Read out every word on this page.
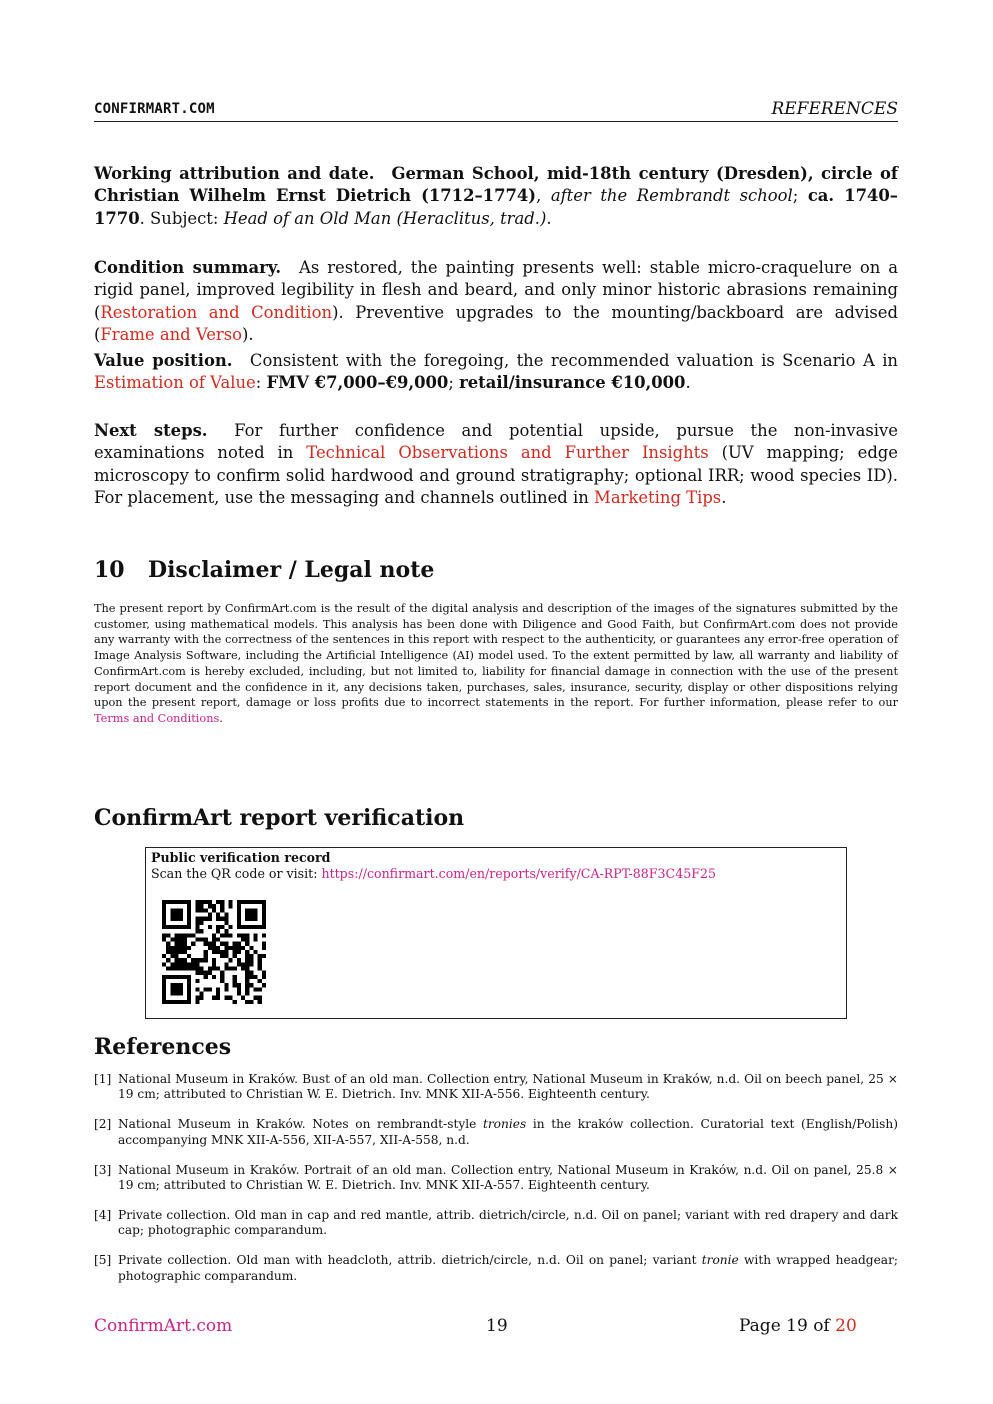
CONFIRMART.COM	REFERENCES
Working attribution and date. German School, mid-18th century (Dresden), circle of Christian Wilhelm Ernst Dietrich (1712–1774), after the Rembrandt school; ca. 1740–1770. Subject: Head of an Old Man (Heraclitus, trad.).
Condition summary. As restored, the painting presents well: stable micro-craquelure on a rigid panel, improved legibility in flesh and beard, and only minor historic abrasions remaining (Restoration and Condition). Preventive upgrades to the mounting/backboard are advised (Frame and Verso).
Value position. Consistent with the foregoing, the recommended valuation is Scenario A in Estimation of Value: FMV €7,000–€9,000; retail/insurance €10,000.
Next steps. For further confidence and potential upside, pursue the non-invasive examinations noted in Technical Observations and Further Insights (UV mapping; edge microscopy to confirm solid hardwood and ground stratigraphy; optional IRR; wood species ID). For placement, use the messaging and channels outlined in Marketing Tips.
10 Disclaimer / Legal note
The present report by ConfirmArt.com is the result of the digital analysis and description of the images of the signatures submitted by the customer, using mathematical models. This analysis has been done with Diligence and Good Faith, but ConfirmArt.com does not provide any warranty with the correctness of the sentences in this report with respect to the authenticity, or guarantees any error-free operation of Image Analysis Software, including the Artificial Intelligence (AI) model used. To the extent permitted by law, all warranty and liability of ConfirmArt.com is hereby excluded, including, but not limited to, liability for financial damage in connection with the use of the present report document and the confidence in it, any decisions taken, purchases, sales, insurance, security, display or other dispositions relying upon the present report, damage or loss profits due to incorrect statements in the report. For further information, please refer to our Terms and Conditions.
ConfirmArt report verification
Public verification record
Scan the QR code or visit: https://confirmart.com/en/reports/verify/CA-RPT-88F3C45F25
References
[1] National Museum in Kraków. Bust of an old man. Collection entry, National Museum in Kraków, n.d. Oil on beech panel, 25 × 19 cm; attributed to Christian W. E. Dietrich. Inv. MNK XII-A-556. Eighteenth century.
[2] National Museum in Kraków. Notes on rembrandt-style tronies in the kraków collection. Curatorial text (English/Polish) accompanying MNK XII-A-556, XII-A-557, XII-A-558, n.d.
[3] National Museum in Kraków. Portrait of an old man. Collection entry, National Museum in Kraków, n.d. Oil on panel, 25.8 × 19 cm; attributed to Christian W. E. Dietrich. Inv. MNK XII-A-557. Eighteenth century.
[4] Private collection. Old man in cap and red mantle, attrib. dietrich/circle, n.d. Oil on panel; variant with red drapery and dark cap; photographic comparandum.
[5] Private collection. Old man with headcloth, attrib. dietrich/circle, n.d. Oil on panel; variant tronie with wrapped headgear; photographic comparandum.
ConfirmArt.com	19	Page 19 of 20
